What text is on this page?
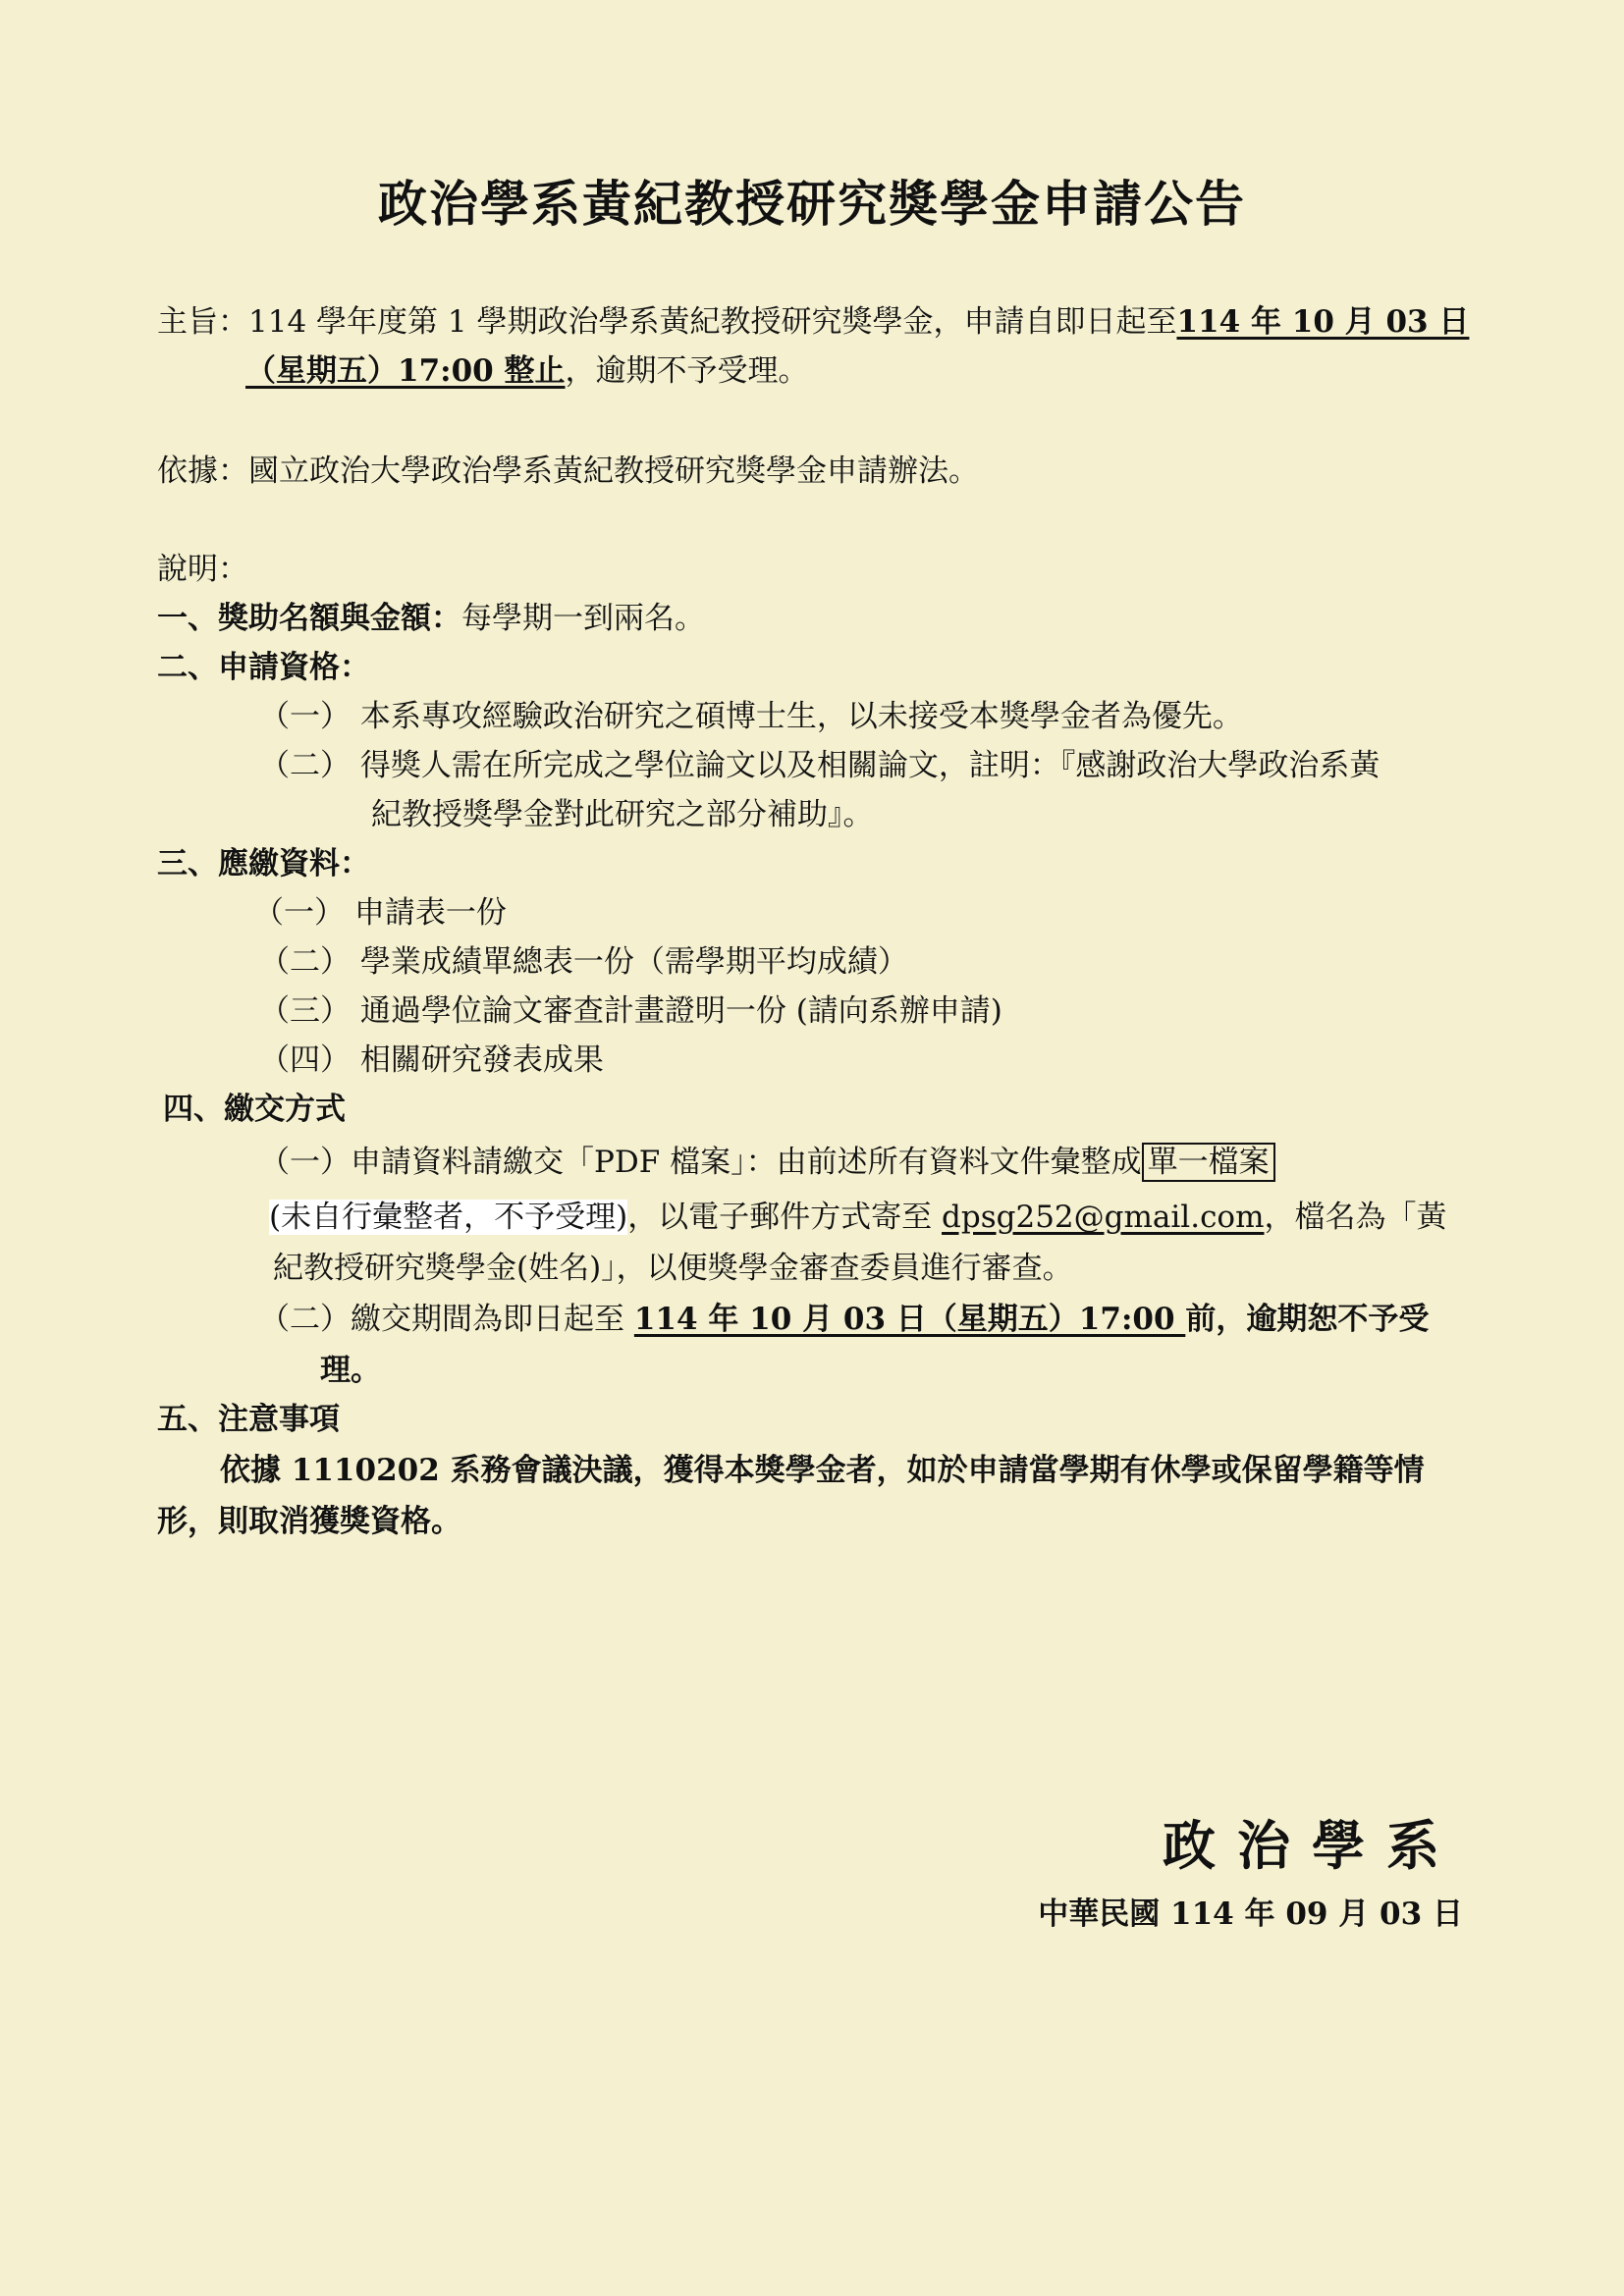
政治學系黃紀教授研究獎學金申請公告
主旨：114 學年度第 1 學期政治學系黃紀教授研究獎學金，申請自即日起至114 年 10 月 03 日
（星期五）17:00 整止，逾期不予受理。
依據：國立政治大學政治學系黃紀教授研究獎學金申請辦法。
說明：
一、獎助名額與金額：每學期一到兩名。
二、申請資格：
（一） 本系專攻經驗政治研究之碩博士生，以未接受本獎學金者為優先。
（二） 得獎人需在所完成之學位論文以及相關論文，註明：『感謝政治大學政治系黃
紀教授獎學金對此研究之部分補助』。
三、應繳資料：
（一） 申請表一份
（二） 學業成績單總表一份（需學期平均成績）
（三） 通過學位論文審查計畫證明一份 (請向系辦申請)
（四） 相關研究發表成果
四、繳交方式
（一）申請資料請繳交「PDF 檔案」：由前述所有資料文件彙整成 單一檔案
(未自行彙整者，不予受理)，以電子郵件方式寄至 dpsg252@gmail.com，檔名為「黃
紀教授研究獎學金(姓名)」，以便獎學金審查委員進行審查。
（二）繳交期間為即日起至 114 年 10 月 03 日（星期五）17:00 前，逾期恕不予受
理。
五、注意事項
依據 1110202 系務會議決議，獲得本獎學金者，如於申請當學期有休學或保留學籍等情
形，則取消獲獎資格。
政治學系
中華民國 114 年 09 月 03 日
